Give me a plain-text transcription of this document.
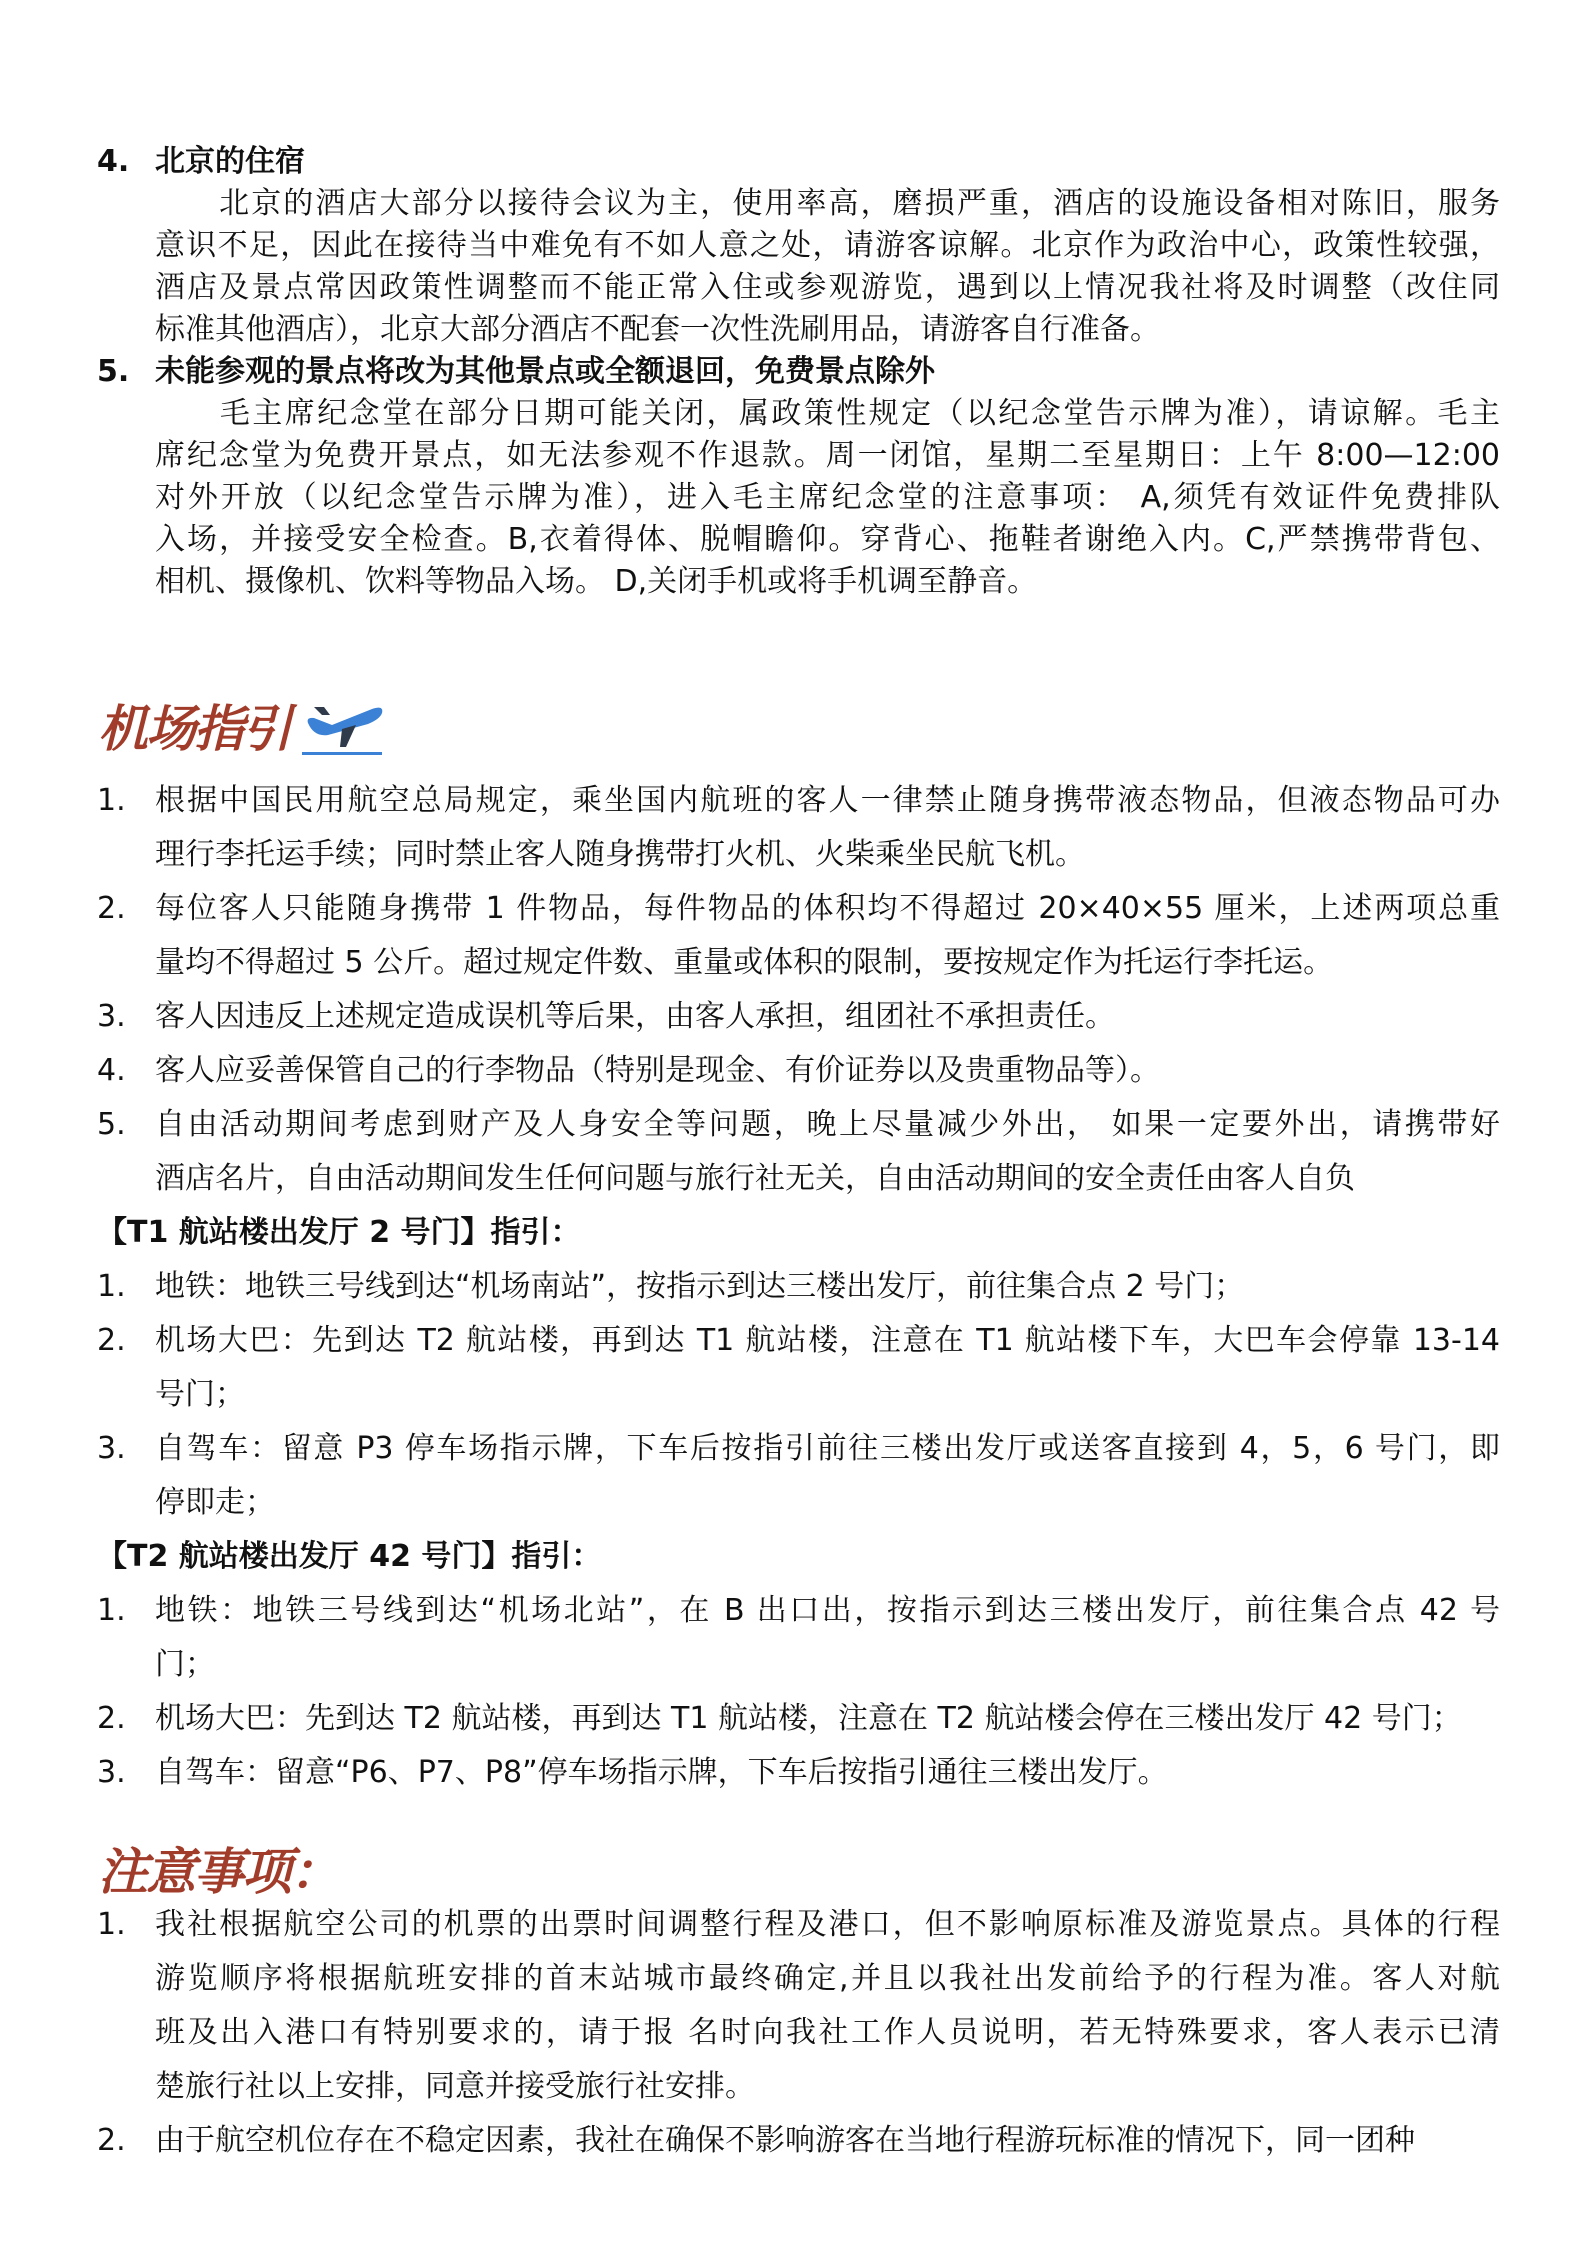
4. 北京的住宿
　　北京的酒店大部分以接待会议为主，使用率高，磨损严重，酒店的设施设备相对陈旧，服务
意识不足，因此在接待当中难免有不如人意之处，请游客谅解。北京作为政治中心，政策性较强，
酒店及景点常因政策性调整而不能正常入住或参观游览，遇到以上情况我社将及时调整（改住同
标准其他酒店），北京大部分酒店不配套一次性洗刷用品，请游客自行准备。
5. 未能参观的景点将改为其他景点或全额退回，免费景点除外
　　毛主席纪念堂在部分日期可能关闭，属政策性规定（以纪念堂告示牌为准），请谅解。毛主
席纪念堂为免费开景点，如无法参观不作退款。周一闭馆，星期二至星期日：上午 8:00—12:00
对外开放（以纪念堂告示牌为准），进入毛主席纪念堂的注意事项： A,须凭有效证件免费排队
入场，并接受安全检查。B,衣着得体、脱帽瞻仰。穿背心、拖鞋者谢绝入内。C,严禁携带背包、
相机、摄像机、饮料等物品入场。 D,关闭手机或将手机调至静音。
机场指引
1. 根据中国民用航空总局规定，乘坐国内航班的客人一律禁止随身携带液态物品，但液态物品可办
理行李托运手续；同时禁止客人随身携带打火机、火柴乘坐民航飞机。
2. 每位客人只能随身携带 1 件物品，每件物品的体积均不得超过 20×40×55 厘米，上述两项总重
量均不得超过 5 公斤。超过规定件数、重量或体积的限制，要按规定作为托运行李托运。
3. 客人因违反上述规定造成误机等后果，由客人承担，组团社不承担责任。
4. 客人应妥善保管自己的行李物品（特别是现金、有价证券以及贵重物品等）。
5. 自由活动期间考虑到财产及人身安全等问题，晚上尽量减少外出， 如果一定要外出，请携带好
酒店名片，自由活动期间发生任何问题与旅行社无关，自由活动期间的安全责任由客人自负
【T1 航站楼出发厅 2 号门】指引：
1. 地铁：地铁三号线到达“机场南站”，按指示到达三楼出发厅，前往集合点 2 号门；
2. 机场大巴：先到达 T2 航站楼，再到达 T1 航站楼，注意在 T1 航站楼下车，大巴车会停靠 13-14
号门；
3. 自驾车：留意 P3 停车场指示牌，下车后按指引前往三楼出发厅或送客直接到 4，5，6 号门，即
停即走；
【T2 航站楼出发厅 42 号门】指引：
1. 地铁：地铁三号线到达“机场北站”，在 B 出口出，按指示到达三楼出发厅，前往集合点 42 号
门；
2. 机场大巴：先到达 T2 航站楼，再到达 T1 航站楼，注意在 T2 航站楼会停在三楼出发厅 42 号门；
3. 自驾车：留意“P6、P7、P8”停车场指示牌，下车后按指引通往三楼出发厅。
注意事项：
1. 我社根据航空公司的机票的出票时间调整行程及港口，但不影响原标准及游览景点。具体的行程
游览顺序将根据航班安排的首末站城市最终确定,并且以我社出发前给予的行程为准。客人对航
班及出入港口有特别要求的，请于报 名时向我社工作人员说明，若无特殊要求，客人表示已清
楚旅行社以上安排，同意并接受旅行社安排。
2. 由于航空机位存在不稳定因素，我社在确保不影响游客在当地行程游玩标准的情况下，同一团种
